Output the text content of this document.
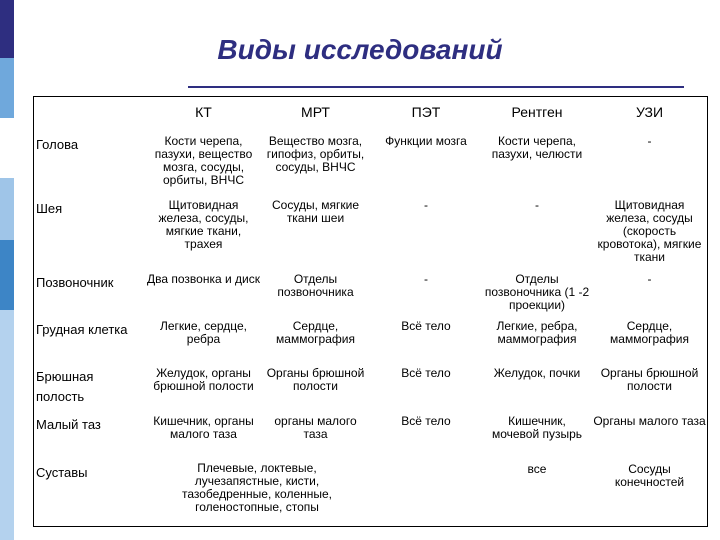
Виды исследований
	КТ	МРТ	ПЭТ	Рентген	УЗИ
Голова	Кости черепа, пазухи, вещество мозга, сосуды, орбиты, ВНЧС	Вещество мозга, гипофиз, орбиты, сосуды, ВНЧС	Функции мозга	Кости черепа, пазухи, челюсти	-
Шея	Щитовидная железа, сосуды, мягкие ткани, трахея	Сосуды, мягкие ткани шеи	-	-	Щитовидная железа, сосуды (скорость кровотока), мягкие ткани
Позвоночник	Два позвонка и диск	Отделы позвоночника	-	Отделы позвоночника (1 -2 проекции)	-
Грудная клетка	Легкие, сердце, ребра	Сердце, маммография	Всё тело	Легкие, ребра, маммография	Сердце, маммография
Брюшная полость	Желудок, органы брюшной полости	Органы брюшной полости	Всё тело	Желудок, почки	Органы брюшной полости
Малый таз	Кишечник, органы малого таза	органы малого таза	Всё тело	Кишечник, мочевой пузырь	Органы малого таза
Суставы	Плечевые, локтевые, лучезапястные, кисти, тазобедренные, коленные, голеностопные, стопы			все	Сосуды конечностей
